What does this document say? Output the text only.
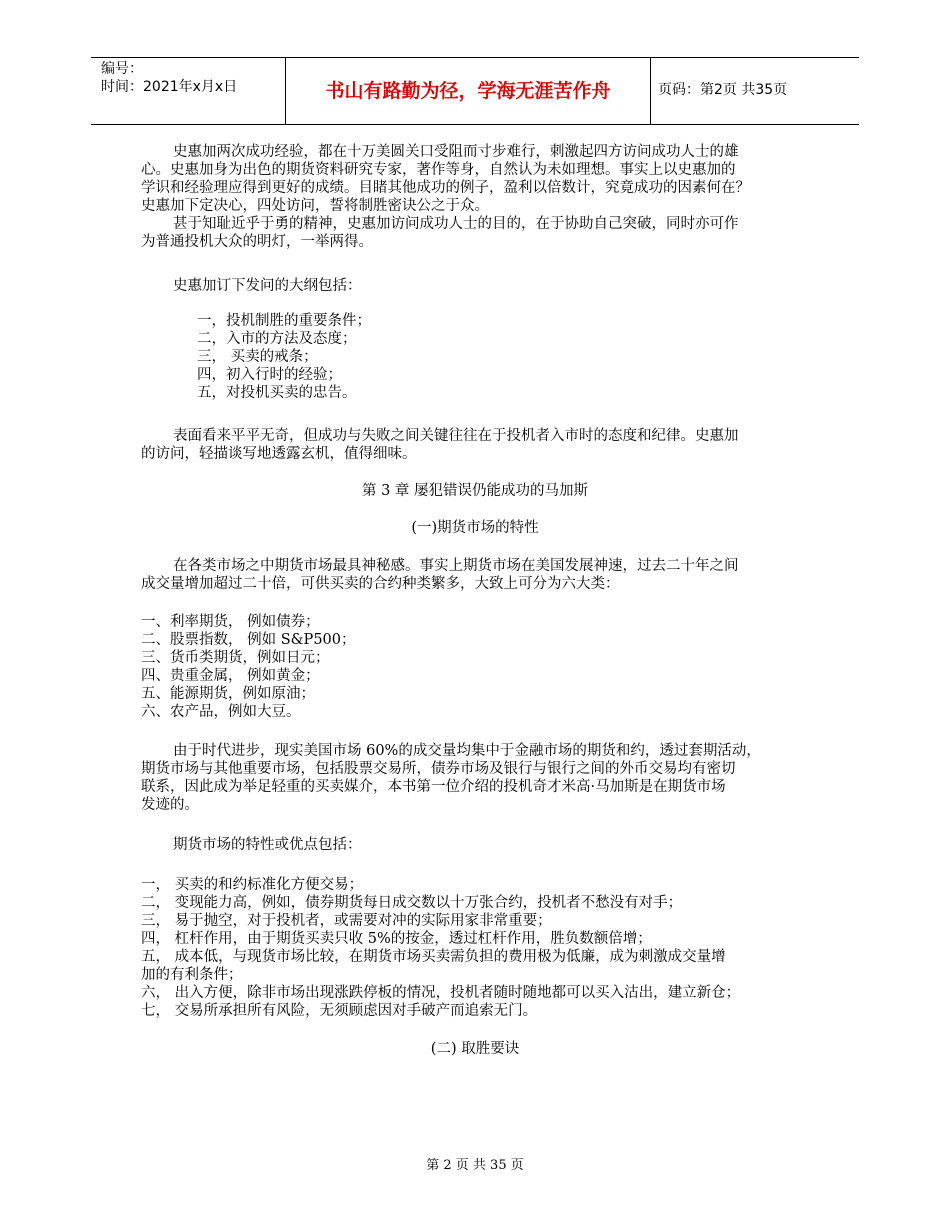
编号：
时间：2021年x月x日	书山有路勤为径，学海无涯苦作舟	页码：第2页 共35页
史惠加两次成功经验，都在十万美圆关口受阻而寸步难行，刺激起四方访问成功人士的雄
心。史惠加身为出色的期货资料研究专家，著作等身，自然认为未如理想。事实上以史惠加的
学识和经验理应得到更好的成绩。目睹其他成功的例子，盈利以倍数计，究竟成功的因素何在？
史惠加下定决心，四处访问，誓将制胜密诀公之于众。
甚于知耻近乎于勇的精神，史惠加访问成功人士的目的，在于协助自己突破，同时亦可作
为普通投机大众的明灯，一举两得。
史惠加订下发问的大纲包括：
一，投机制胜的重要条件；
二，入市的方法及态度；
三， 买卖的戒条；
四，初入行时的经验；
五，对投机买卖的忠告。
表面看来平平无奇，但成功与失败之间关键往往在于投机者入市时的态度和纪律。史惠加
的访问，轻描谈写地透露玄机，值得细味。
第 3 章 屡犯错误仍能成功的马加斯
(一)期货市场的特性
在各类市场之中期货市场最具神秘感。事实上期货市场在美国发展神速，过去二十年之间
成交量增加超过二十倍，可供买卖的合约种类繁多，大致上可分为六大类：
一、利率期货， 例如债券；
二、股票指数， 例如 S&P500；
三、货币类期货，例如日元；
四、贵重金属， 例如黄金；
五、能源期货，例如原油；
六、农产品，例如大豆。
由于时代进步，现实美国市场 60%的成交量均集中于金融市场的期货和约，透过套期活动，
期货市场与其他重要市场，包括股票交易所，债券市场及银行与银行之间的外币交易均有密切
联系，因此成为举足轻重的买卖媒介，本书第一位介绍的投机奇才米高·马加斯是在期货市场
发迹的。
期货市场的特性或优点包括：
一， 买卖的和约标准化方便交易；
二， 变现能力高，例如，债券期货每日成交数以十万张合约，投机者不愁没有对手；
三， 易于抛空，对于投机者，或需要对冲的实际用家非常重要；
四， 杠杆作用，由于期货买卖只收 5%的按金，透过杠杆作用，胜负数额倍增；
五， 成本低，与现货市场比较，在期货市场买卖需负担的费用极为低廉，成为刺激成交量增
加的有利条件；
六， 出入方便，除非市场出现涨跌停板的情况，投机者随时随地都可以买入沽出，建立新仓；
七， 交易所承担所有风险，无须顾虑因对手破产而追索无门。
(二) 取胜要诀
第 2 页 共 35 页
